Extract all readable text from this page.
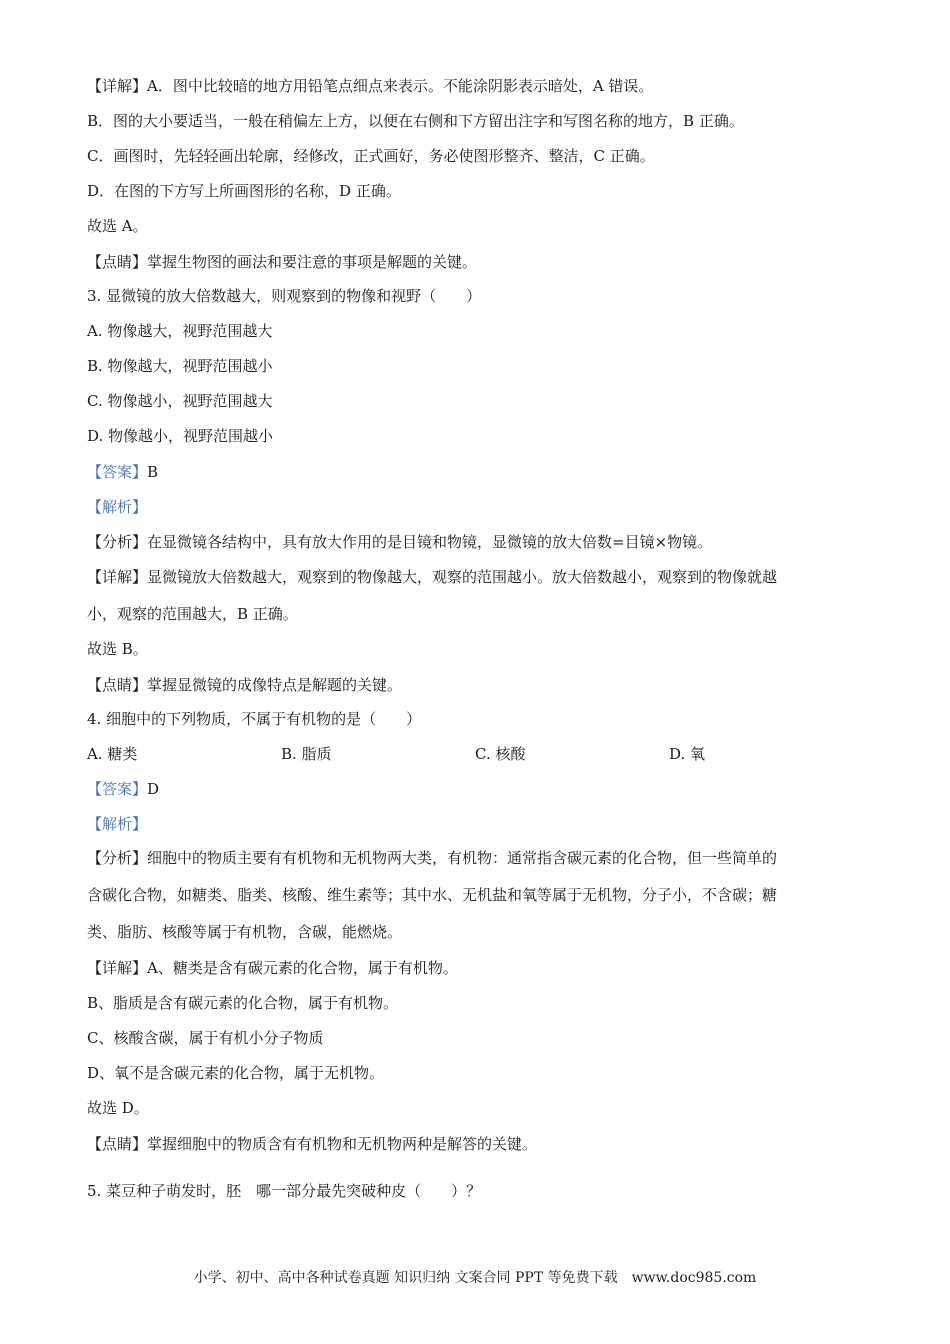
【详解】A．图中比较暗的地方用铅笔点细点来表示。不能涂阴影表示暗处，A 错误。
B．图的大小要适当，一般在稍偏左上方，以便在右侧和下方留出注字和写图名称的地方，B 正确。
C．画图时，先轻轻画出轮廓，经修改，正式画好，务必使图形整齐、整洁，C 正确。
D．在图的下方写上所画图形的名称，D 正确。
故选 A。
【点睛】掌握生物图的画法和要注意的事项是解题的关键。
3. 显微镜的放大倍数越大，则观察到的物像和视野（　　）
A. 物像越大，视野范围越大
B. 物像越大，视野范围越小
C. 物像越小，视野范围越大
D. 物像越小，视野范围越小
【答案】B
【解析】
【分析】在显微镜各结构中，具有放大作用的是目镜和物镜，显微镜的放大倍数=目镜×物镜。
【详解】显微镜放大倍数越大，观察到的物像越大，观察的范围越小。放大倍数越小，观察到的物像就越
小，观察的范围越大，B 正确。
故选 B。
【点睛】掌握显微镜的成像特点是解题的关键。
4. 细胞中的下列物质，不属于有机物的是（　　）
A. 糖类	B. 脂质	C. 核酸	D. 氧
【答案】D
【解析】
【分析】细胞中的物质主要有有机物和无机物两大类，有机物：通常指含碳元素的化合物，但一些简单的
含碳化合物，如糖类、脂类、核酸、维生素等；其中水、无机盐和氧等属于无机物，分子小，不含碳；糖
类、脂肪、核酸等属于有机物，含碳，能燃烧。
【详解】A、糖类是含有碳元素的化合物，属于有机物。
B、脂质是含有碳元素的化合物，属于有机物。
C、核酸含碳，属于有机小分子物质
D、氧不是含碳元素的化合物，属于无机物。
故选 D。
【点睛】掌握细胞中的物质含有有机物和无机物两种是解答的关键。
5. 菜豆种子萌发时，胚　哪一部分最先突破种皮（　　）？
小学、初中、高中各种试卷真题 知识归纳 文案合同 PPT 等免费下载　www.doc985.com
